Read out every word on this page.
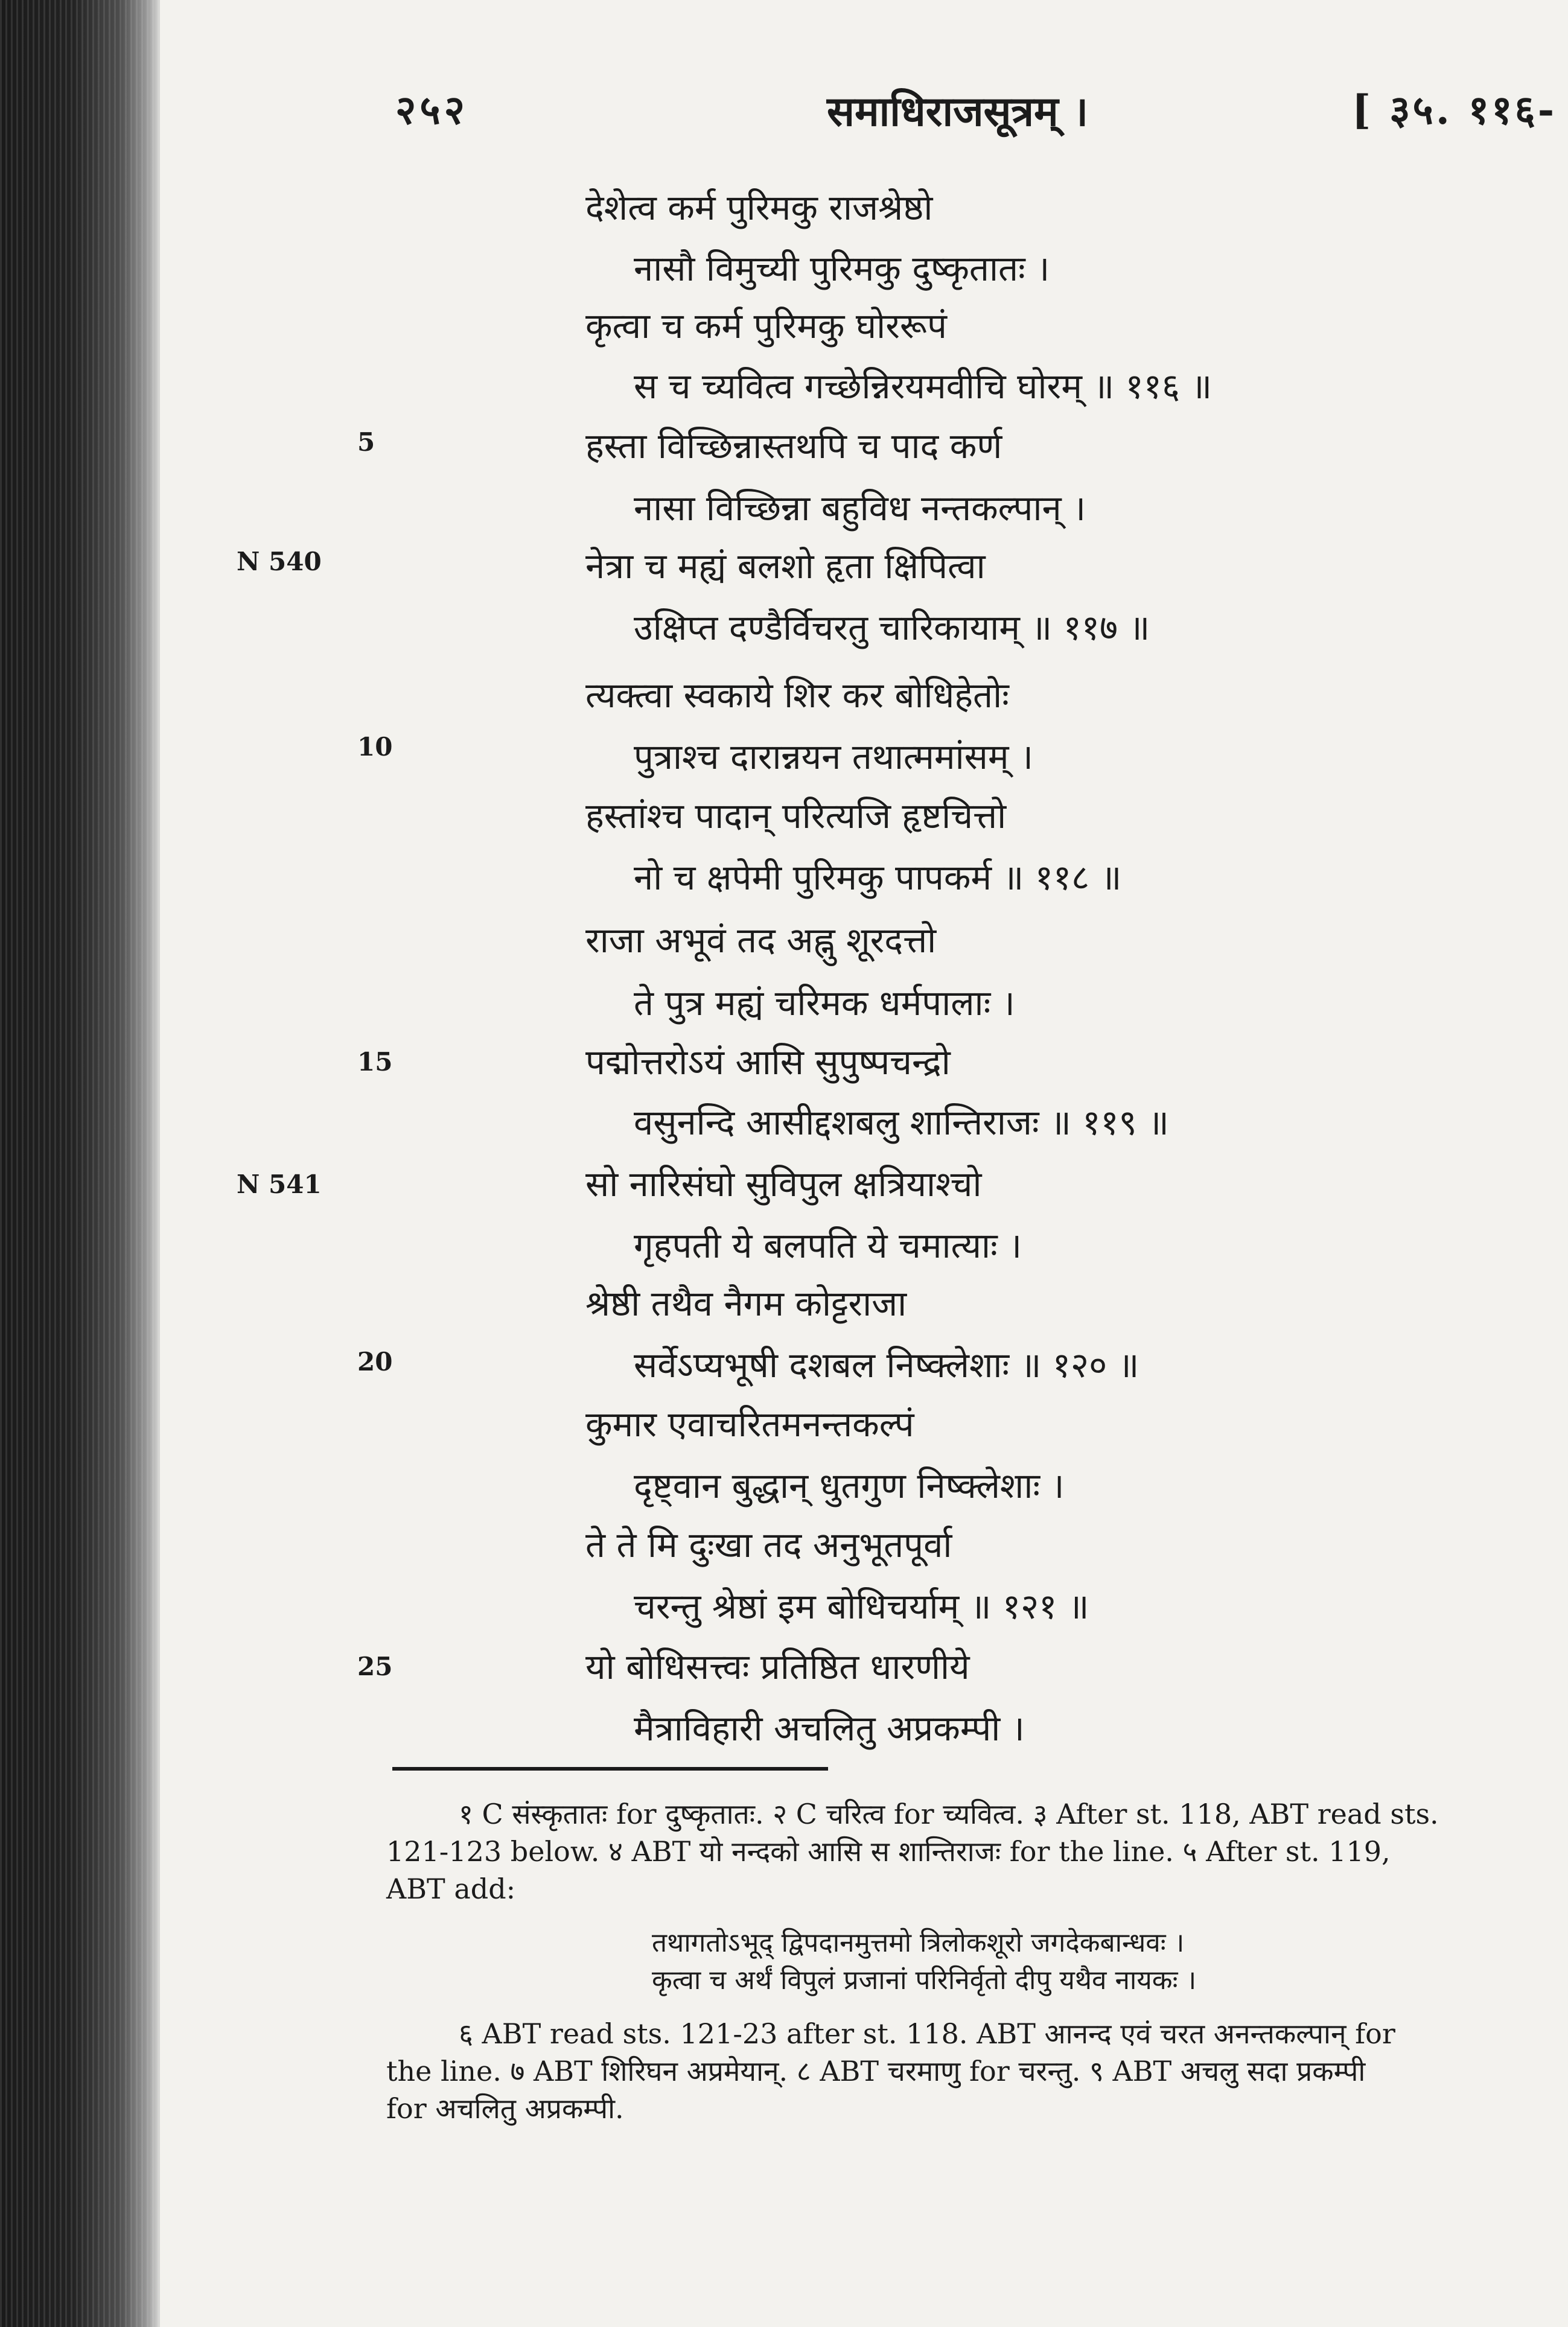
२५२	समाधिराजसूत्रम् ।	[ ३५. ११६-
5
10
15
20
25
N 540
N 541
देशेत्व कर्म पुरिमकु राजश्रेष्ठो
नासौ विमुच्यी पुरिमकु दुष्कृतातः ।
कृत्वा च कर्म पुरिमकु घोररूपं
स च च्यवित्व गच्छेन्निरयमवीचि घोरम् ॥ ११६ ॥
हस्ता विच्छिन्नास्तथपि च पाद कर्ण
नासा विच्छिन्ना बहुविध नन्तकल्पान् ।
नेत्रा च मह्यं बलशो हृता क्षिपित्वा
उक्षिप्त दण्डैर्विचरतु चारिकायाम् ॥ ११७ ॥
त्यक्त्वा स्वकाये शिर कर बोधिहेतोः
पुत्राश्च दारान्नयन तथात्ममांसम् ।
हस्तांश्च पादान् परित्यजि हृष्टचित्तो
नो च क्षपेमी पुरिमकु पापकर्म ॥ ११८ ॥
राजा अभूवं तद अह्नु शूरदत्तो
ते पुत्र मह्यं चरिमक धर्मपालाः ।
पद्मोत्तरोऽयं आसि सुपुष्पचन्द्रो
वसुनन्दि आसीद्दशबलु शान्तिराजः ॥ ११९ ॥
सो नारिसंघो सुविपुल क्षत्रियाश्चो
गृहपती ये बलपति ये चमात्याः ।
श्रेष्ठी तथैव नैगम कोट्टराजा
सर्वेऽप्यभूषी दशबल निष्क्लेशाः ॥ १२० ॥
कुमार एवाचरितमनन्तकल्पं
दृष्ट्वान बुद्धान् धुतगुण निष्क्लेशाः ।
ते ते मि दुःखा तद अनुभूतपूर्वा
चरन्तु श्रेष्ठां इम बोधिचर्याम् ॥ १२१ ॥
यो बोधिसत्त्वः प्रतिष्ठित धारणीये
मैत्राविहारी अचलितु अप्रकम्पी ।

१ C संस्कृतातः for दुष्कृतातः. २ C चरित्व for च्यवित्व. ३ After st. 118, ABT read sts.

121-123 below. ४ ABT यो नन्दको आसि स शान्तिराजः for the line. ५ After st. 119,

ABT add:

तथागतोऽभूद् द्विपदानमुत्तमो त्रिलोकशूरो जगदेकबान्धवः ।
कृत्वा च अर्थं विपुलं प्रजानां परिनिर्वृतो दीपु यथैव नायकः ।

६ ABT read sts. 121-23 after st. 118. ABT आनन्द एवं चरत अनन्तकल्पान् for

the line. ७ ABT शिरिघन अप्रमेयान्. ८ ABT चरमाणु for चरन्तु. ९ ABT अचलु सदा प्रकम्पी

for अचलितु अप्रकम्पी.
